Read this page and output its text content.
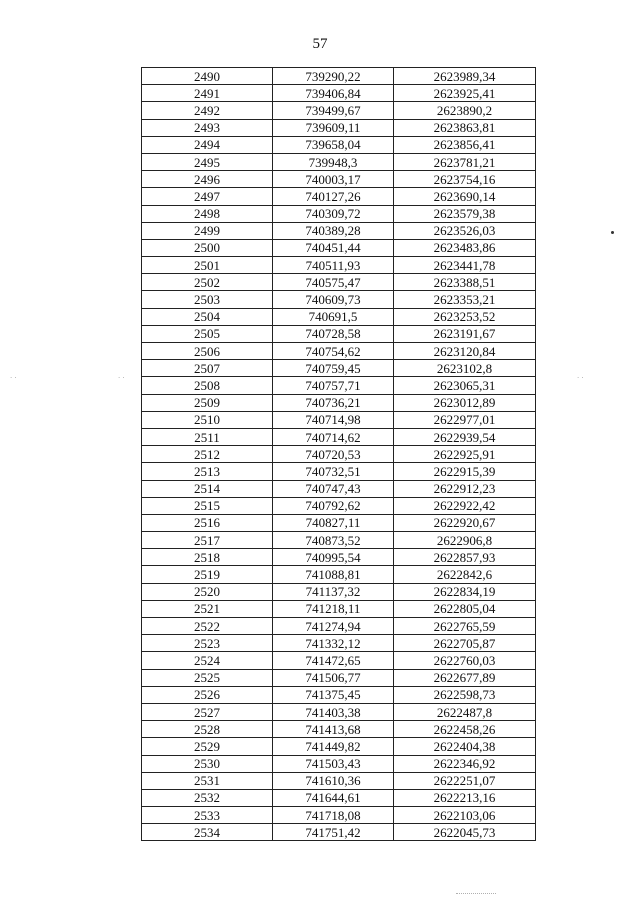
57
2490	739290,22	2623989,34
2491	739406,84	2623925,41
2492	739499,67	2623890,2
2493	739609,11	2623863,81
2494	739658,04	2623856,41
2495	739948,3	2623781,21
2496	740003,17	2623754,16
2497	740127,26	2623690,14
2498	740309,72	2623579,38
2499	740389,28	2623526,03
2500	740451,44	2623483,86
2501	740511,93	2623441,78
2502	740575,47	2623388,51
2503	740609,73	2623353,21
2504	740691,5	2623253,52
2505	740728,58	2623191,67
2506	740754,62	2623120,84
2507	740759,45	2623102,8
2508	740757,71	2623065,31
2509	740736,21	2623012,89
2510	740714,98	2622977,01
2511	740714,62	2622939,54
2512	740720,53	2622925,91
2513	740732,51	2622915,39
2514	740747,43	2622912,23
2515	740792,62	2622922,42
2516	740827,11	2622920,67
2517	740873,52	2622906,8
2518	740995,54	2622857,93
2519	741088,81	2622842,6
2520	741137,32	2622834,19
2521	741218,11	2622805,04
2522	741274,94	2622765,59
2523	741332,12	2622705,87
2524	741472,65	2622760,03
2525	741506,77	2622677,89
2526	741375,45	2622598,73
2527	741403,38	2622487,8
2528	741413,68	2622458,26
2529	741449,82	2622404,38
2530	741503,43	2622346,92
2531	741610,36	2622251,07
2532	741644,61	2622213,16
2533	741718,08	2622103,06
2534	741751,42	2622045,73
· ·	· ·	· ·
